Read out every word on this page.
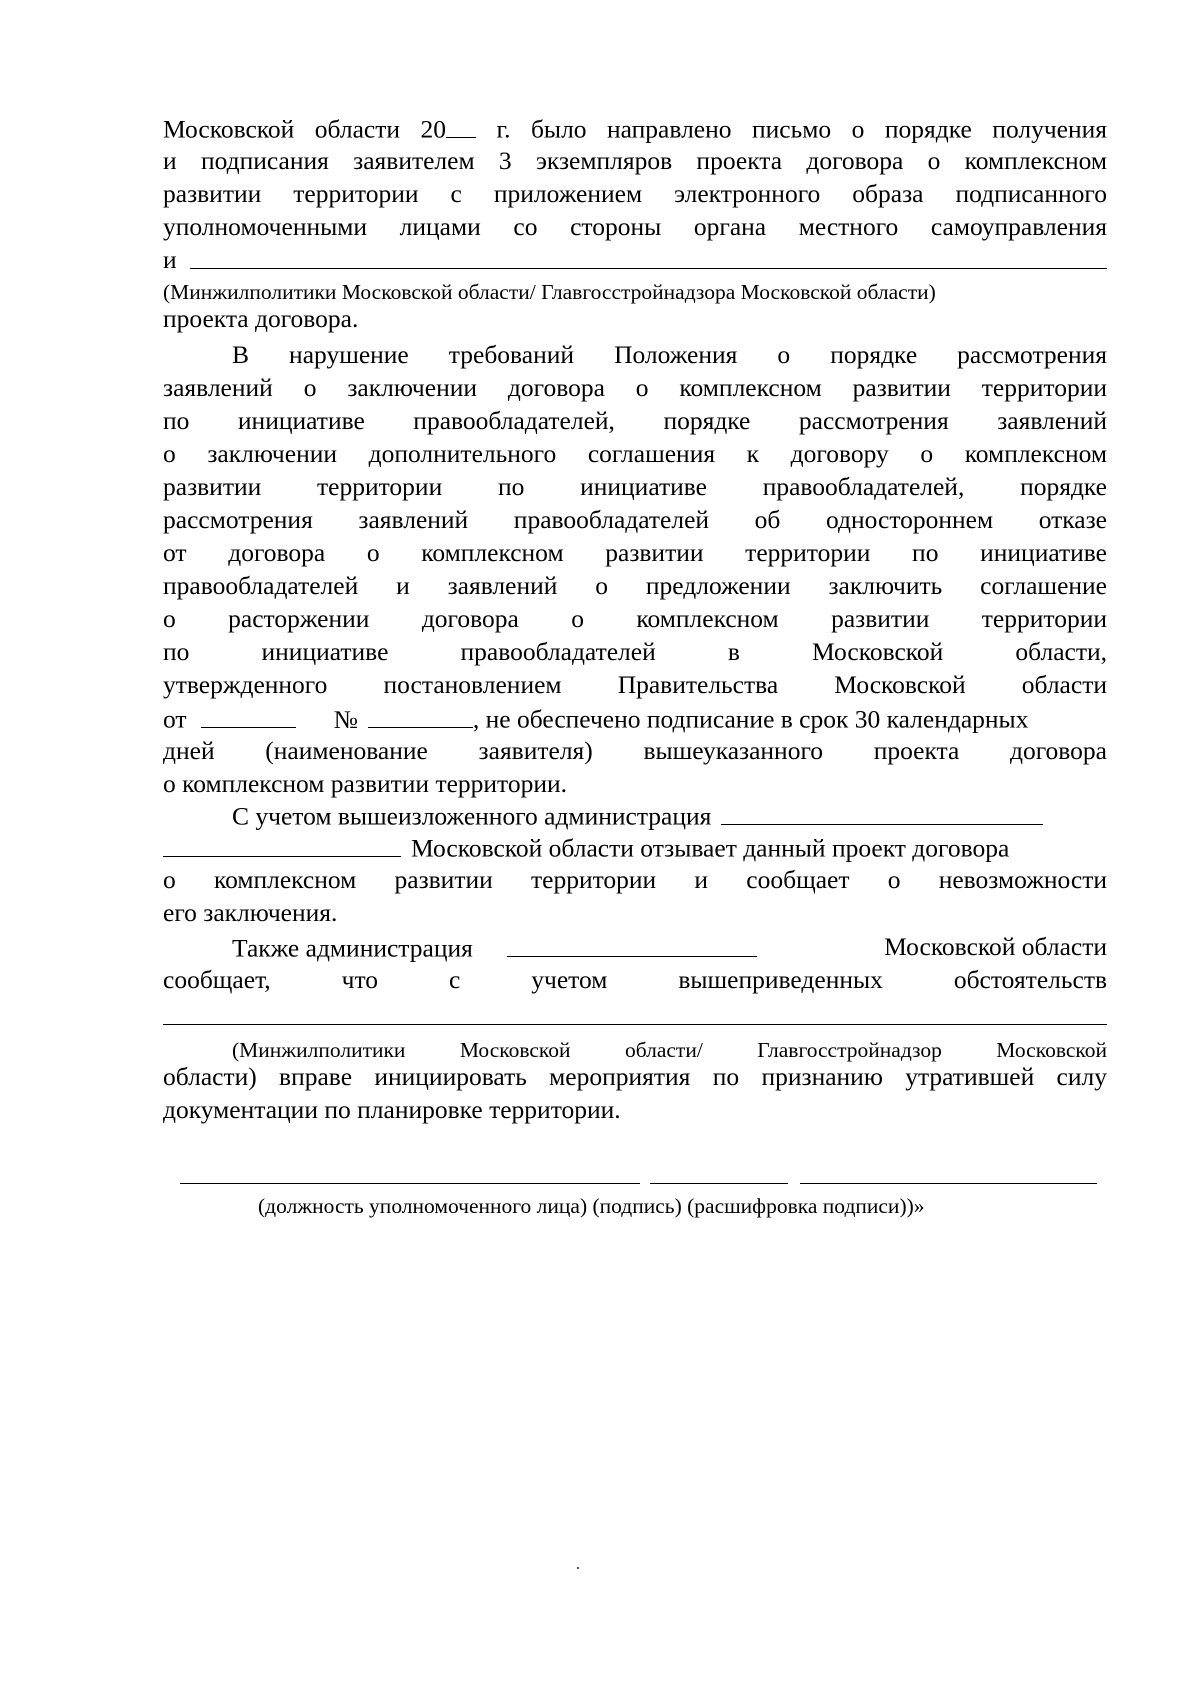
Московской области 20 г. было направлено письмо о порядке получения
и подписания заявителем 3 экземпляров проекта договора о комплексном
развитии территории с приложением электронного образа подписанного
уполномоченными лицами со стороны органа местного самоуправления
и
(Минжилполитики Московской области/ Главгосстройнадзора Московской области)
проекта договора.
В нарушение требований Положения о порядке рассмотрения
заявлений о заключении договора о комплексном развитии территории
по инициативе правообладателей, порядке рассмотрения заявлений
о заключении дополнительного соглашения к договору о комплексном
развитии территории по инициативе правообладателей, порядке
рассмотрения заявлений правообладателей об одностороннем отказе
от договора о комплексном развитии территории по инициативе
правообладателей и заявлений о предложении заключить соглашение
о расторжении договора о комплексном развитии территории
по инициативе правообладателей в Московской области,
утвержденного постановлением Правительства Московской области
от	№	, не обеспечено подписание в срок 30 календарных
дней (наименование заявителя) вышеуказанного проекта договора
о комплексном развитии территории.
С учетом вышеизложенного администрация
Московской области отзывает данный проект договора
о комплексном развитии территории и сообщает о невозможности
его заключения.
Также администрация	Московской области
сообщает, что с учетом вышеприведенных обстоятельств
(Минжилполитики Московской области/ Главгосстройнадзор Московской
области) вправе инициировать мероприятия по признанию утратившей силу
документации по планировке территории.
(должность уполномоченного лица) (подпись) (расшифровка подписи))»
